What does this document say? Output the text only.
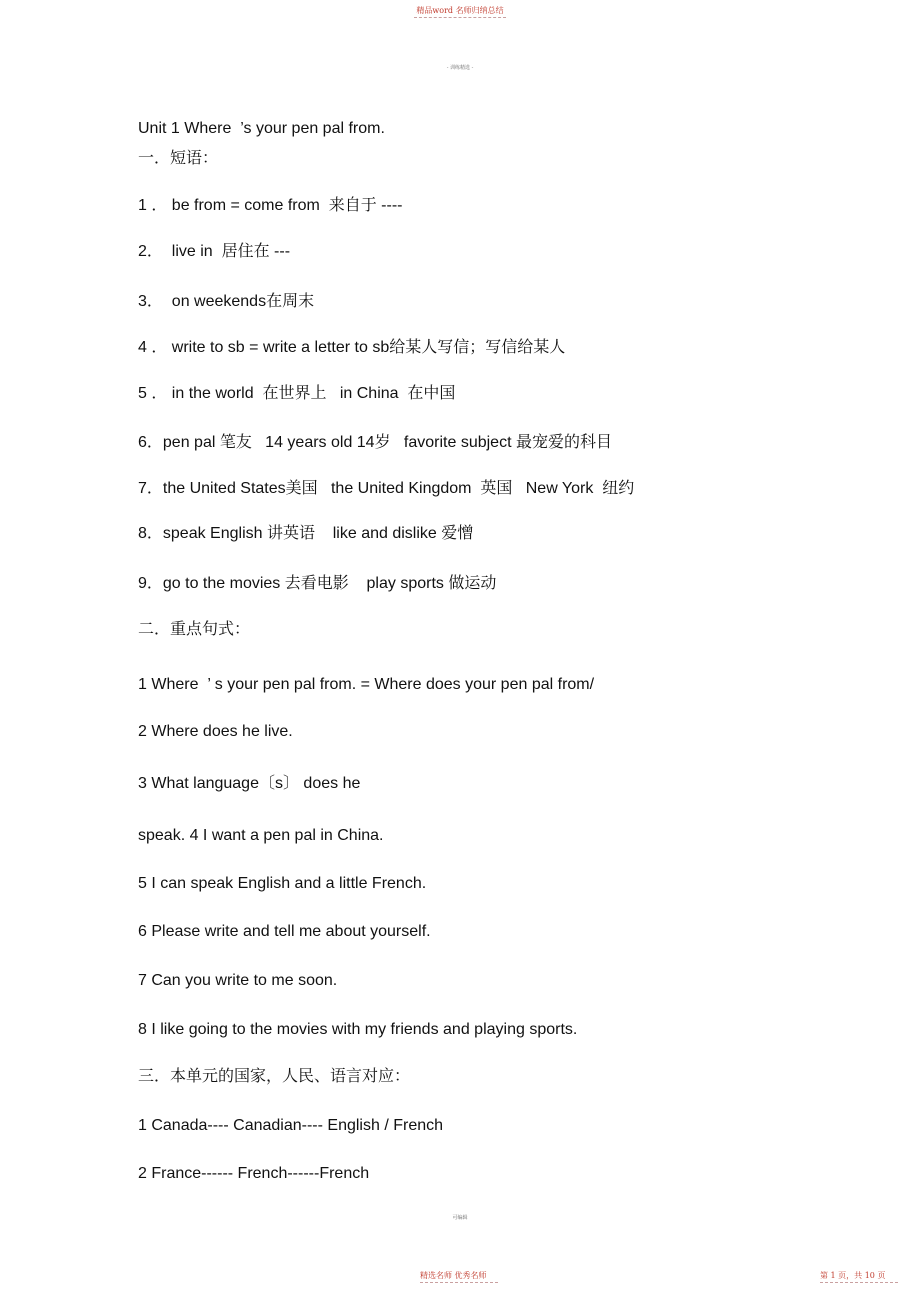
精品word 名师归纳总结
- 训练精选 -
Unit 1 Where  ’s your pen pal from.
一．短语：
1 ． be from = come from  来自于 ----
2．  live in  居住在 ---
3．  on weekends在周末
4 ． write to sb = write a letter to sb给某人写信；写信给某人
5 ． in the world  在世界上   in China  在中国
6．pen pal 笔友   14 years old 14岁   favorite subject 最宠爱的科目
7．the United States美国   the United Kingdom  英国   New York  纽约
8．speak English 讲英语    like and dislike 爱憎
9．go to the movies 去看电影    play sports 做运动
二．重点句式：
1 Where  ’ s your pen pal from. = Where does your pen pal from/
2 Where does he live.
3 What language〔s〕 does he
speak. 4 I want a pen pal in China.
5 I can speak English and a little French.
6 Please write and tell me about yourself.
7 Can you write to me soon.
8 I like going to the movies with my friends and playing sports.
三．本单元的国家，人民、语言对应：
1 Canada---- Canadian---- English / French
2 France------ French------French
可编辑
精选名师 优秀名师	第 1 页，共 10 页
